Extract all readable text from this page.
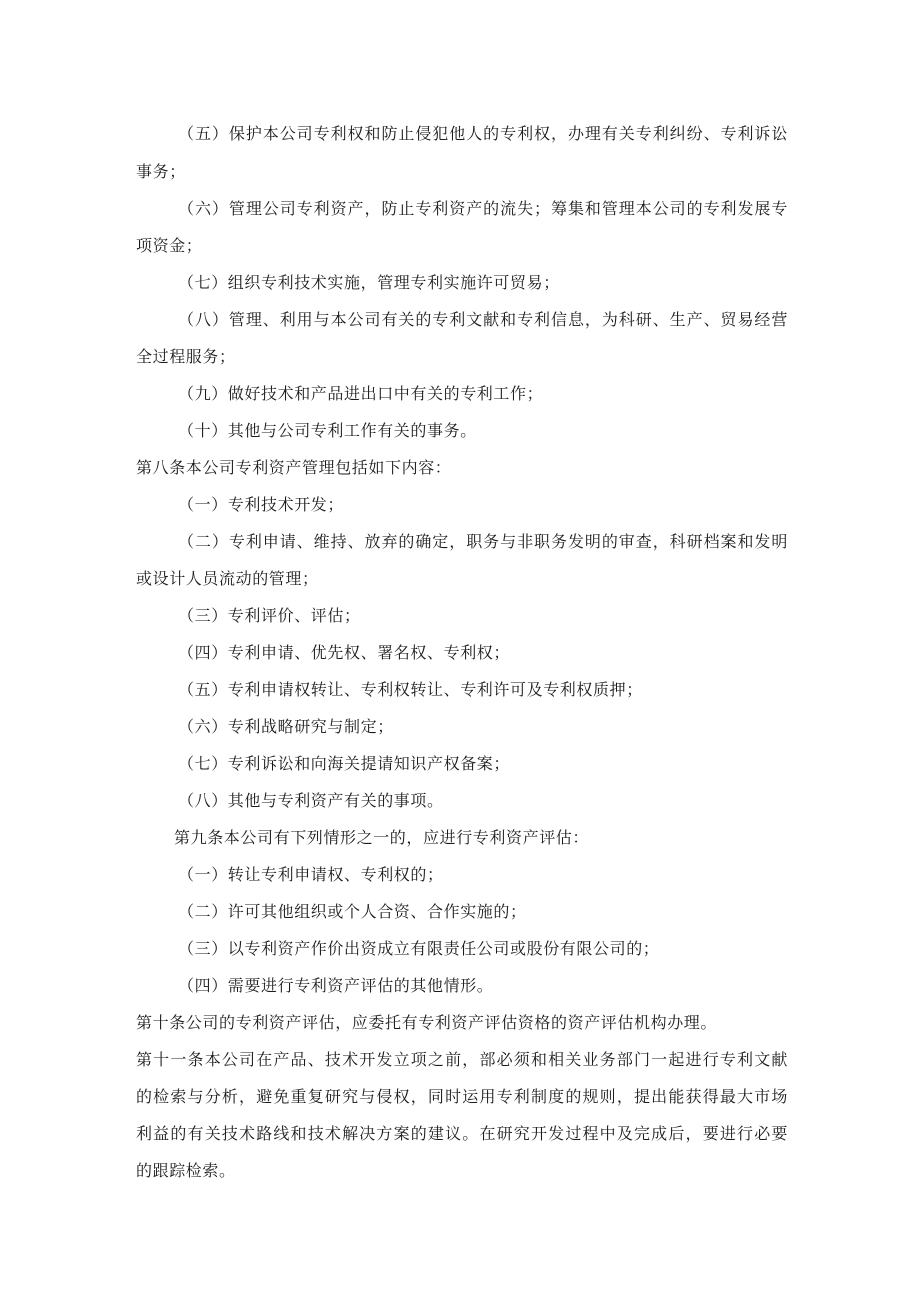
（五）保护本公司专利权和防止侵犯他人的专利权，办理有关专利纠纷、专利诉讼
事务；
（六）管理公司专利资产，防止专利资产的流失；筹集和管理本公司的专利发展专
项资金；
（七）组织专利技术实施，管理专利实施许可贸易；
（八）管理、利用与本公司有关的专利文献和专利信息，为科研、生产、贸易经营
全过程服务；
（九）做好技术和产品进出口中有关的专利工作；
（十）其他与公司专利工作有关的事务。
第八条本公司专利资产管理包括如下内容：
（一）专利技术开发；
（二）专利申请、维持、放弃的确定，职务与非职务发明的审查，科研档案和发明
或设计人员流动的管理；
（三）专利评价、评估；
（四）专利申请、优先权、署名权、专利权；
（五）专利申请权转让、专利权转让、专利许可及专利权质押；
（六）专利战略研究与制定；
（七）专利诉讼和向海关提请知识产权备案；
（八）其他与专利资产有关的事项。
第九条本公司有下列情形之一的，应进行专利资产评估：
（一）转让专利申请权、专利权的；
（二）许可其他组织或个人合资、合作实施的；
（三）以专利资产作价出资成立有限责任公司或股份有限公司的；
（四）需要进行专利资产评估的其他情形。
第十条公司的专利资产评估，应委托有专利资产评估资格的资产评估机构办理。
第十一条本公司在产品、技术开发立项之前，部必须和相关业务部门一起进行专利文献
的检索与分析，避免重复研究与侵权，同时运用专利制度的规则，提出能获得最大市场
利益的有关技术路线和技术解决方案的建议。在研究开发过程中及完成后，要进行必要
的跟踪检索。
